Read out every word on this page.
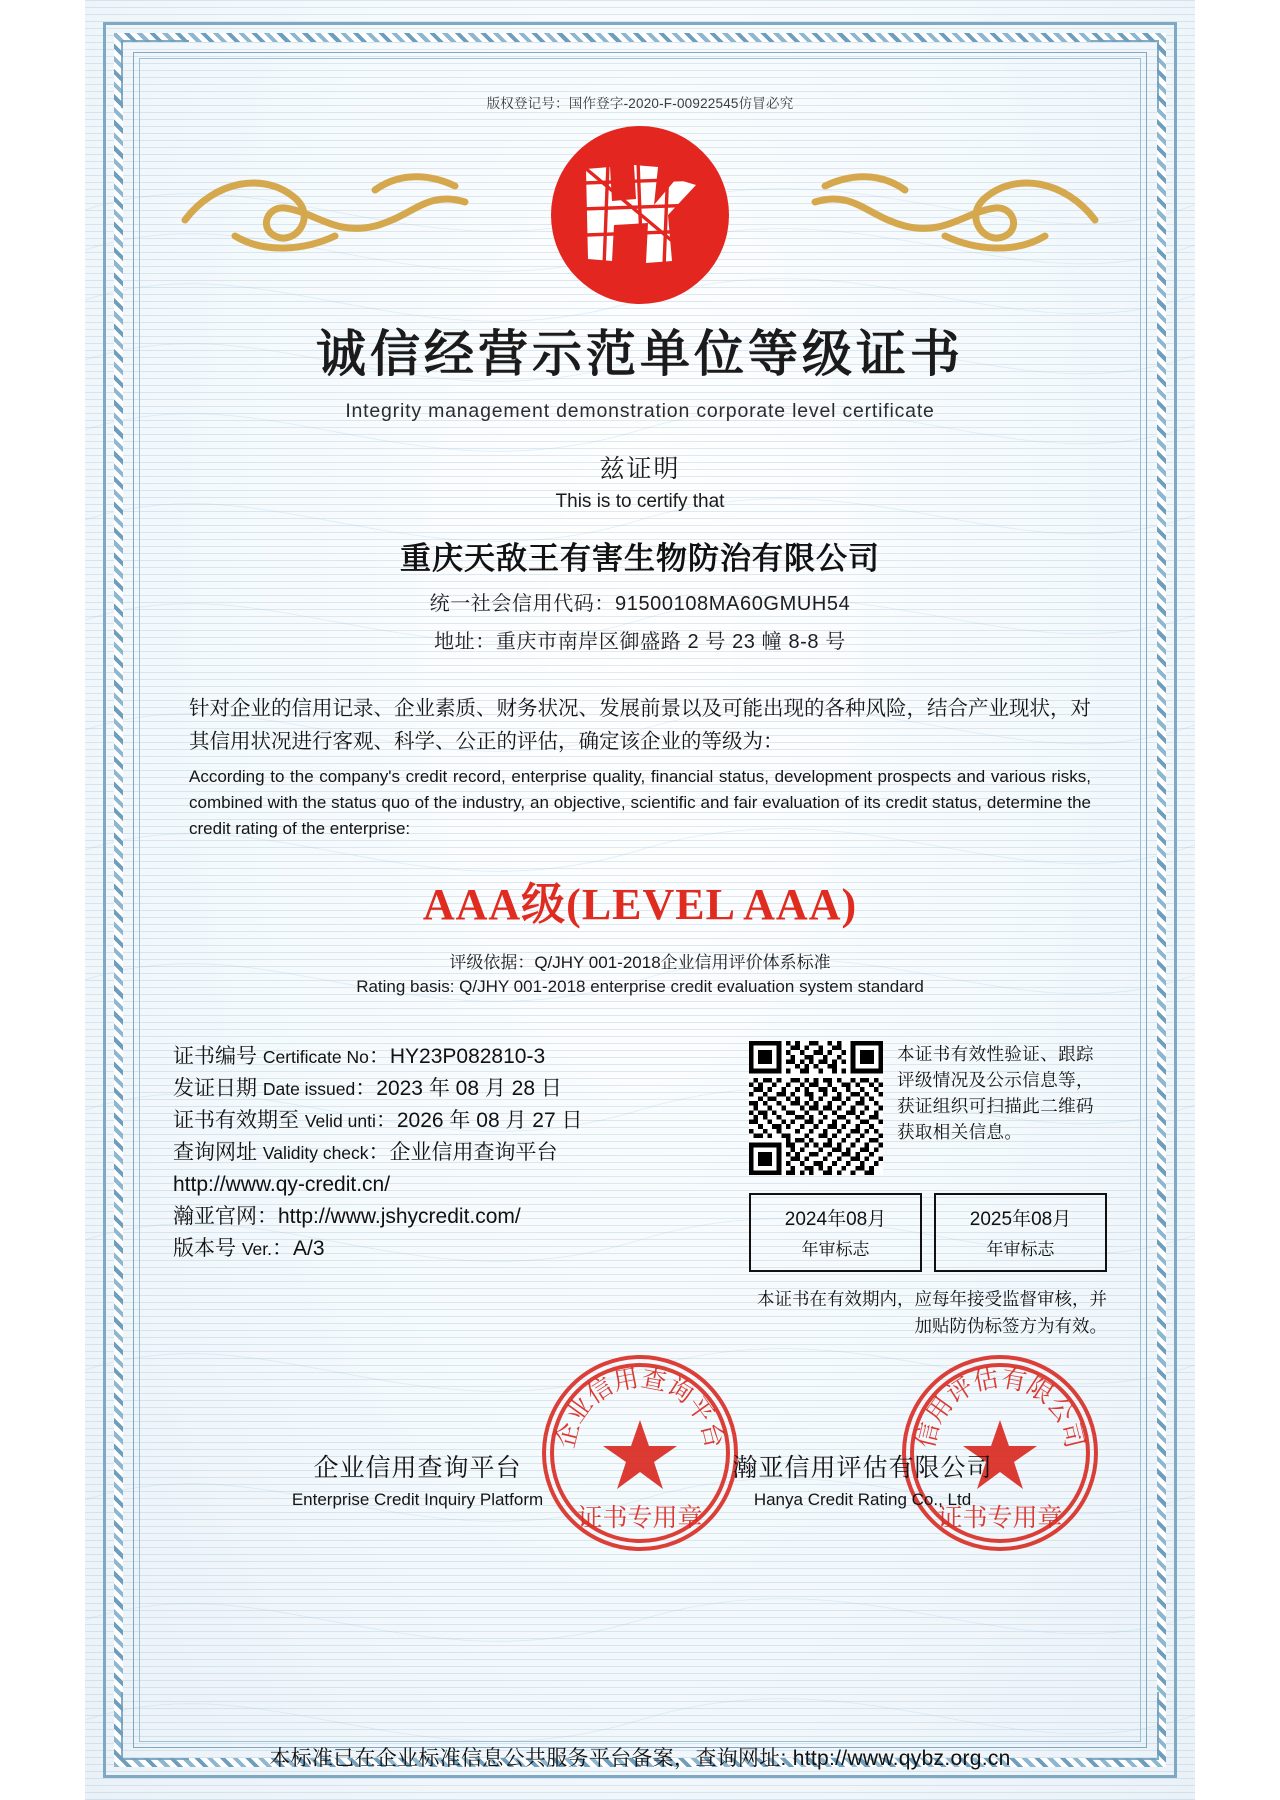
版权登记号：国作登字-2020-F-00922545仿冒必究
诚信经营示范单位等级证书
Integrity management demonstration corporate level certificate
兹证明
This is to certify that
重庆天敌王有害生物防治有限公司
统一社会信用代码：91500108MA60GMUH54
地址：重庆市南岸区御盛路 2 号 23 幢 8-8 号
针对企业的信用记录、企业素质、财务状况、发展前景以及可能出现的各种风险，结合产业现状，对其信用状况进行客观、科学、公正的评估，确定该企业的等级为：
According to the company's credit record, enterprise quality, financial status, development prospects and various risks, combined with the status quo of the industry, an objective, scientific and fair evaluation of its credit status, determine the credit rating of the enterprise:
AAA级(LEVEL AAA)
评级依据：Q/JHY 001-2018企业信用评价体系标准
Rating basis: Q/JHY 001-2018 enterprise credit evaluation system standard
证书编号 Certificate No：HY23P082810-3
发证日期 Date issued：2023 年 08 月 28 日
证书有效期至 Velid unti：2026 年 08 月 27 日
查询网址 Validity check：企业信用查询平台
http://www.qy-credit.cn/
瀚亚官网：http://www.jshycredit.com/
版本号 Ver.：A/3
本证书有效性验证、跟踪评级情况及公示信息等，获证组织可扫描此二维码获取相关信息。
2024年08月
年审标志
2025年08月
年审标志
本证书在有效期内，应每年接受监督审核，并加贴防伪标签方为有效。
企业信用查询平台
证书专用章
信用评估有限公司
证书专用章
企业信用查询平台
Enterprise Credit Inquiry Platform
瀚亚信用评估有限公司
Hanya Credit Rating Co., Ltd
本标准已在企业标准信息公共服务平台备案，查询网址: http://www.qybz.org.cn
